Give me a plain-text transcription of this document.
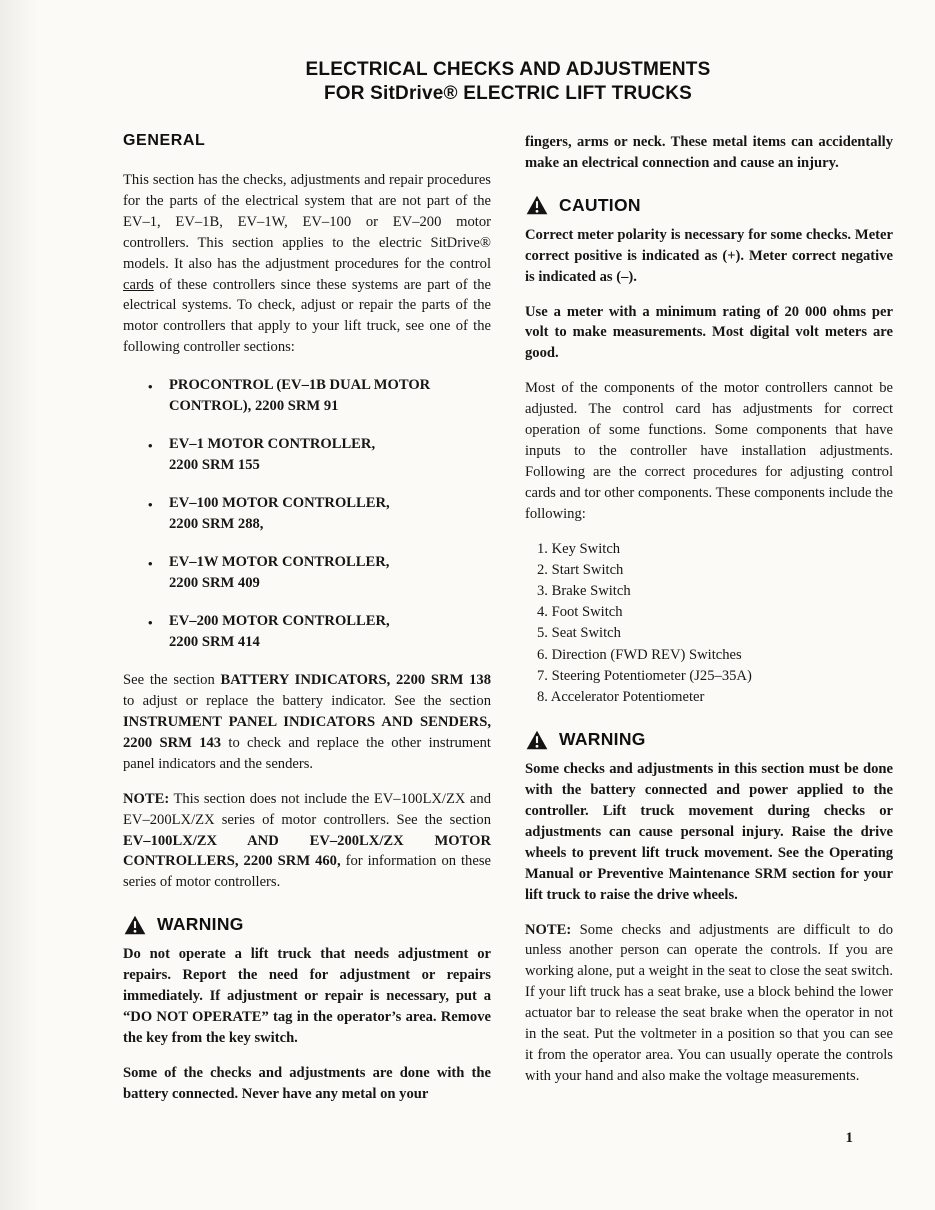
ELECTRICAL CHECKS AND ADJUSTMENTS
FOR SitDrive® ELECTRIC LIFT TRUCKS
GENERAL

This section has the checks, adjustments and repair procedures for the parts of the electrical system that are not part of the EV–1, EV–1B, EV–1W, EV–100 or EV–200 motor controllers. This section applies to the electric SitDrive® models. It also has the adjustment procedures for the control cards of these controllers since these systems are part of the electrical systems. To check, adjust or repair the parts of the motor controllers that apply to your lift truck, see one of the following controller sections:

•	PROCONTROL (EV–1B DUAL MOTOR
CONTROL), 2200 SRM 91
•	EV–1 MOTOR CONTROLLER,
2200 SRM 155
•	EV–100 MOTOR CONTROLLER,
2200 SRM 288,
•	EV–1W MOTOR CONTROLLER,
2200 SRM 409
•	EV–200 MOTOR CONTROLLER,
2200 SRM 414

See the section BATTERY INDICATORS, 2200 SRM 138 to adjust or replace the battery indicator. See the section INSTRUMENT PANEL INDICATORS AND SENDERS, 2200 SRM 143 to check and replace the other instrument panel indicators and the senders.

NOTE: This section does not include the EV–100LX/ZX and EV–200LX/ZX series of motor controllers. See the section EV–100LX/ZX AND EV–200LX/ZX MOTOR CONTROLLERS, 2200 SRM 460, for information on these series of motor controllers.

WARNING

Do not operate a lift truck that needs adjustment or repairs. Report the need for adjustment or repairs immediately. If adjustment or repair is necessary, put a “DO NOT OPERATE” tag in the operator’s area. Remove the key from the key switch.

Some of the checks and adjustments are done with the battery connected. Never have any metal on your

fingers, arms or neck. These metal items can accidentally make an electrical connection and cause an injury.

CAUTION

Correct meter polarity is necessary for some checks. Meter correct positive is indicated as (+). Meter correct negative is indicated as (–).

Use a meter with a minimum rating of 20 000 ohms per volt to make measurements. Most digital volt meters are good.

Most of the components of the motor controllers cannot be adjusted. The control card has adjustments for correct operation of some functions. Some components that have inputs to the controller have installation adjustments. Following are the correct procedures for adjusting control cards and tor other components. These components include the following:

1. Key Switch
2. Start Switch
3. Brake Switch
4. Foot Switch
5. Seat Switch
6. Direction (FWD REV) Switches
7. Steering Potentiometer (J25–35A)
8. Accelerator Potentiometer
WARNING

Some checks and adjustments in this section must be done with the battery connected and power applied to the controller. Lift truck movement during checks or adjustments can cause personal injury. Raise the drive wheels to prevent lift truck movement. See the Operating Manual or Preventive Maintenance SRM section for your lift truck to raise the drive wheels.

NOTE: Some checks and adjustments are difficult to do unless another person can operate the controls. If you are working alone, put a weight in the seat to close the seat switch. If your lift truck has a seat brake, use a block behind the lower actuator bar to release the seat brake when the operator in not in the seat. Put the voltmeter in a position so that you can see it from the operator area. You can usually operate the controls with your hand and also make the voltage measurements.

1
